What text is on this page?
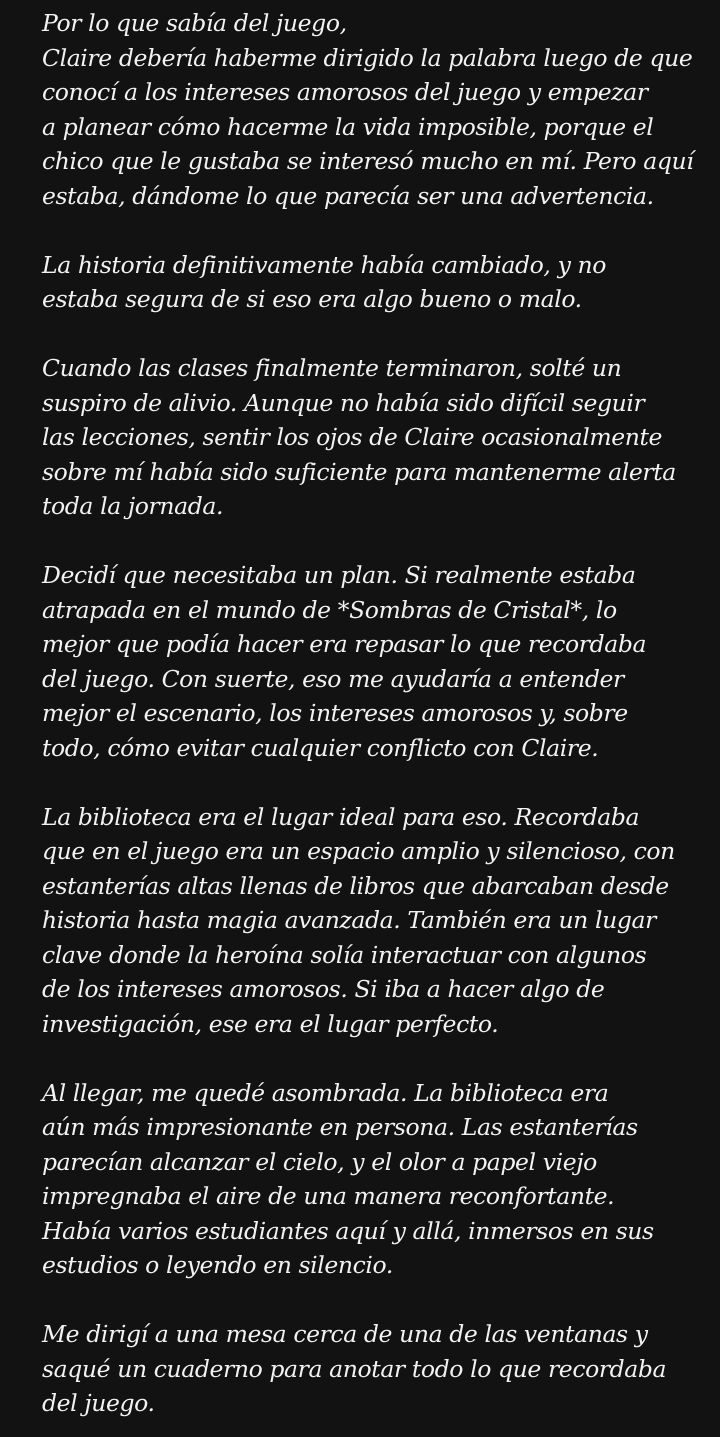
Por lo que sabía del juego,
Claire debería haberme dirigido la palabra luego de que
conocí a los intereses amorosos del juego y empezar
a planear cómo hacerme la vida imposible, porque el
chico que le gustaba se interesó mucho en mí. Pero aquí
estaba, dándome lo que parecía ser una advertencia.
La historia definitivamente había cambiado, y no
estaba segura de si eso era algo bueno o malo.
Cuando las clases finalmente terminaron, solté un
suspiro de alivio. Aunque no había sido difícil seguir
las lecciones, sentir los ojos de Claire ocasionalmente
sobre mí había sido suficiente para mantenerme alerta
toda la jornada.
Decidí que necesitaba un plan. Si realmente estaba
atrapada en el mundo de *Sombras de Cristal*, lo
mejor que podía hacer era repasar lo que recordaba
del juego. Con suerte, eso me ayudaría a entender
mejor el escenario, los intereses amorosos y, sobre
todo, cómo evitar cualquier conflicto con Claire.
La biblioteca era el lugar ideal para eso. Recordaba
que en el juego era un espacio amplio y silencioso, con
estanterías altas llenas de libros que abarcaban desde
historia hasta magia avanzada. También era un lugar
clave donde la heroína solía interactuar con algunos
de los intereses amorosos. Si iba a hacer algo de
investigación, ese era el lugar perfecto.
Al llegar, me quedé asombrada. La biblioteca era
aún más impresionante en persona. Las estanterías
parecían alcanzar el cielo, y el olor a papel viejo
impregnaba el aire de una manera reconfortante.
Había varios estudiantes aquí y allá, inmersos en sus
estudios o leyendo en silencio.
Me dirigí a una mesa cerca de una de las ventanas y
saqué un cuaderno para anotar todo lo que recordaba
del juego.
